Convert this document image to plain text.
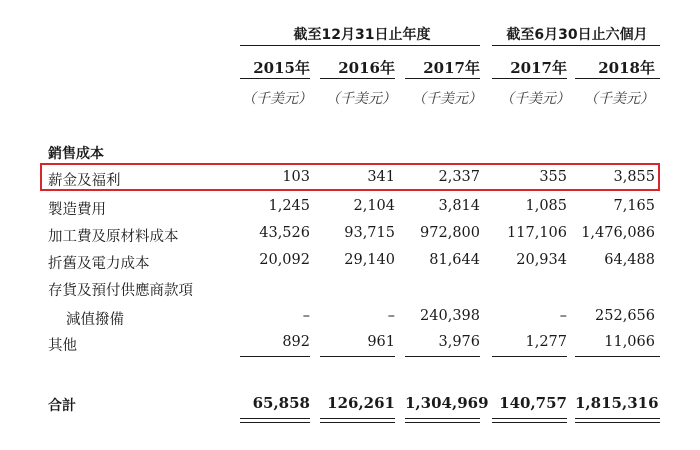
截至12月31日止年度	截至6月30日止六個月
2015年	2016年	2017年	2017年	2018年
（千美元）	（千美元）	（千美元）	（千美元）	（千美元）
銷售成本
薪金及福利	103	341	2,337	355	3,855
製造費用	1,245	2,104	3,814	1,085	7,165
加工費及原材料成本	43,526	93,715	972,800	117,106 1,476,086
折舊及電力成本	20,092	29,140	81,644	20,934	64,488
存貨及預付供應商款項
減值撥備	–	–	240,398	–	252,656
其他	892	961	3,976	1,277	11,066
合計	65,858	126,261 1,304,969 140,757 1,815,316
